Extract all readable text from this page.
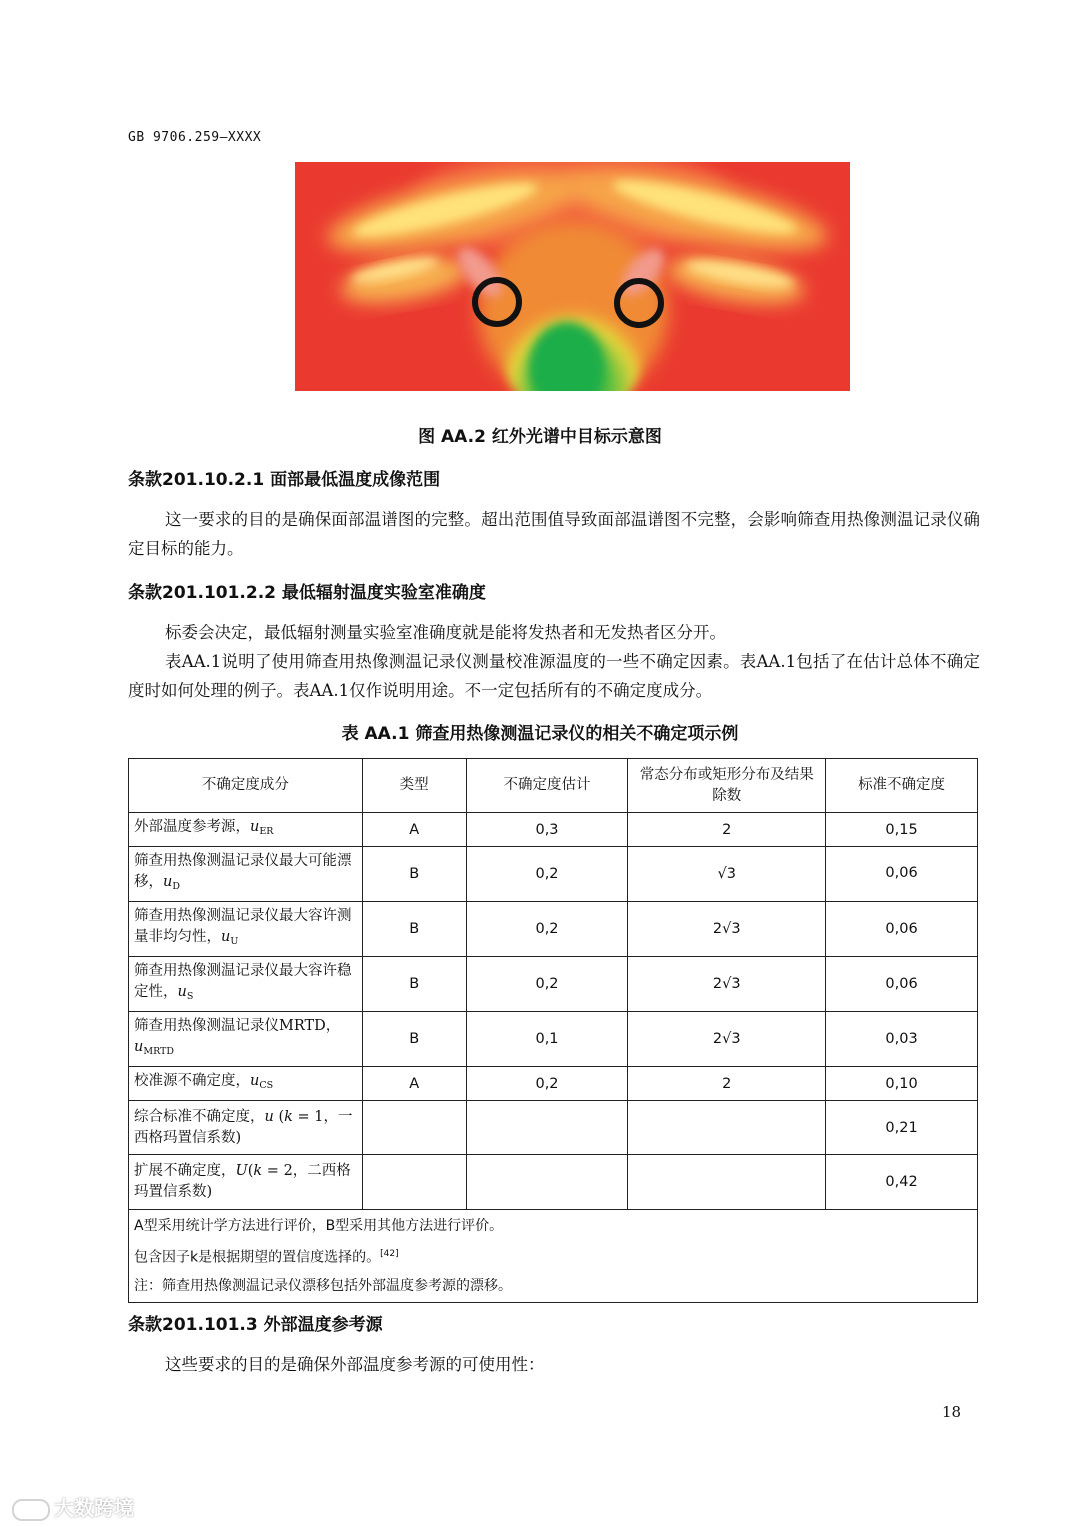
GB 9706.259—XXXX
图 AA.2 红外光谱中目标示意图
条款201.10.2.1 面部最低温度成像范围
这一要求的目的是确保面部温谱图的完整。超出范围值导致面部温谱图不完整，会影响筛查用热像测温记录仪确定目标的能力。
条款201.101.2.2 最低辐射温度实验室准确度
标委会决定，最低辐射测量实验室准确度就是能将发热者和无发热者区分开。
表AA.1说明了使用筛查用热像测温记录仪测量校准源温度的一些不确定因素。表AA.1包括了在估计总体不确定度时如何处理的例子。表AA.1仅作说明用途。不一定包括所有的不确定度成分。
表 AA.1 筛查用热像测温记录仪的相关不确定项示例
不确定度成分	类型	不确定度估计	常态分布或矩形分布及结果除数	标准不确定度
外部温度参考源，$u_{ER}$	A	0,3	2	0,15
筛查用热像测温记录仪最大可能漂移，$u_D$	B	0,2	√3	0,06
筛查用热像测温记录仪最大容许测量非均匀性，$u_U$	B	0,2	2√3	0,06
筛查用热像测温记录仪最大容许稳定性，$u_S$	B	0,2	2√3	0,06
筛查用热像测温记录仪MRTD，$u_{MRTD}$	B	0,1	2√3	0,03
校准源不确定度，$u_{CS}$	A	0,2	2	0,10
综合标准不确定度，u (k = 1，一西格玛置信系数)				0,21
扩展不确定度，U(k = 2，二西格玛置信系数)				0,42

A型采用统计学方法进行评价，B型采用其他方法进行评价。
包含因子k是根据期望的置信度选择的。[42]
注：筛查用热像测温记录仪漂移包括外部温度参考源的漂移。				
条款201.101.3 外部温度参考源
这些要求的目的是确保外部温度参考源的可使用性：
18
大数跨境
